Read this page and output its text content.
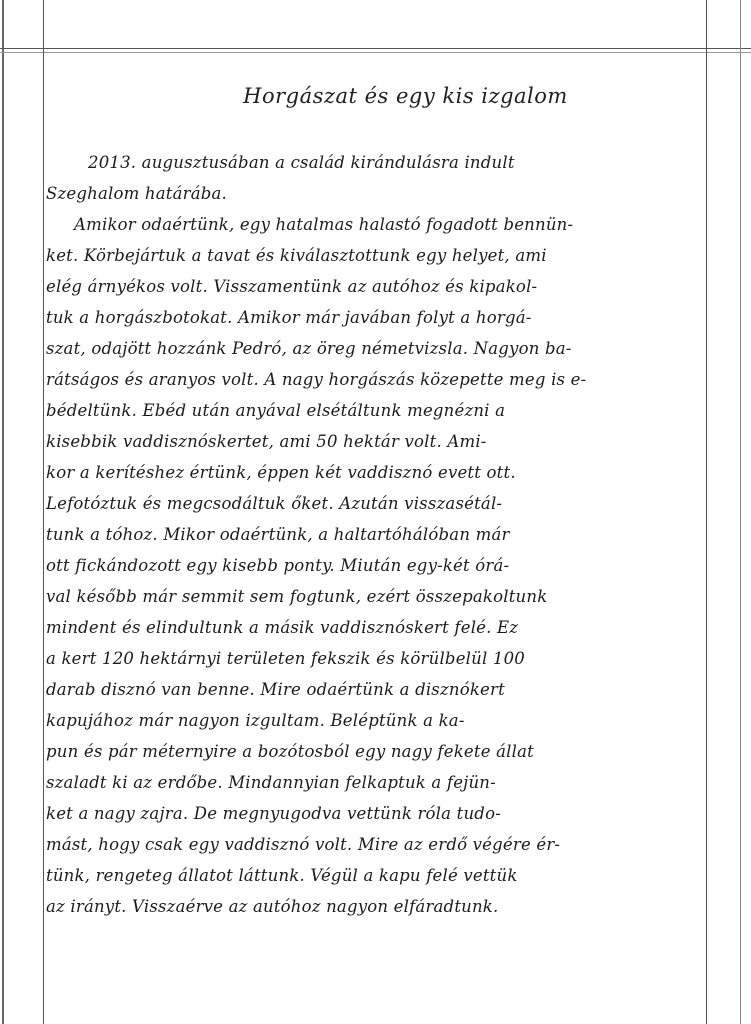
Horgászat és egy kis izgalom
2013. augusztusában a család kirándulásra indult
Szeghalom határába.
Amikor odaértünk, egy hatalmas halastó fogadott bennün-
ket. Körbejártuk a tavat és kiválasztottunk egy helyet, ami
elég árnyékos volt. Visszamentünk az autóhoz és kipakol-
tuk a horgászbotokat. Amikor már javában folyt a horgá-
szat, odajött hozzánk Pedró, az öreg németvizsla. Nagyon ba-
rátságos és aranyos volt. A nagy horgászás közepette meg is e-
bédeltünk. Ebéd után anyával elsétáltunk megnézni a
kisebbik vaddisznóskertet, ami 50 hektár volt. Ami-
kor a kerítéshez értünk, éppen két vaddisznó evett ott.
Lefotóztuk és megcsodáltuk őket. Azután visszasétál-
tunk a tóhoz. Mikor odaértünk, a haltartóhálóban már
ott fickándozott egy kisebb ponty. Miután egy-két órá-
val később már semmit sem fogtunk, ezért összepakoltunk
mindent és elindultunk a másik vaddisznóskert felé. Ez
a kert 120 hektárnyi területen fekszik és körülbelül 100
darab disznó van benne. Mire odaértünk a disznókert
kapujához már nagyon izgultam. Beléptünk a ka-
pun és pár méternyire a bozótosból egy nagy fekete állat
szaladt ki az erdőbe. Mindannyian felkaptuk a fejün-
ket a nagy zajra. De megnyugodva vettünk róla tudo-
mást, hogy csak egy vaddisznó volt. Mire az erdő végére ér-
tünk, rengeteg állatot láttunk. Végül a kapu felé vettük
az irányt. Visszaérve az autóhoz nagyon elfáradtunk.
